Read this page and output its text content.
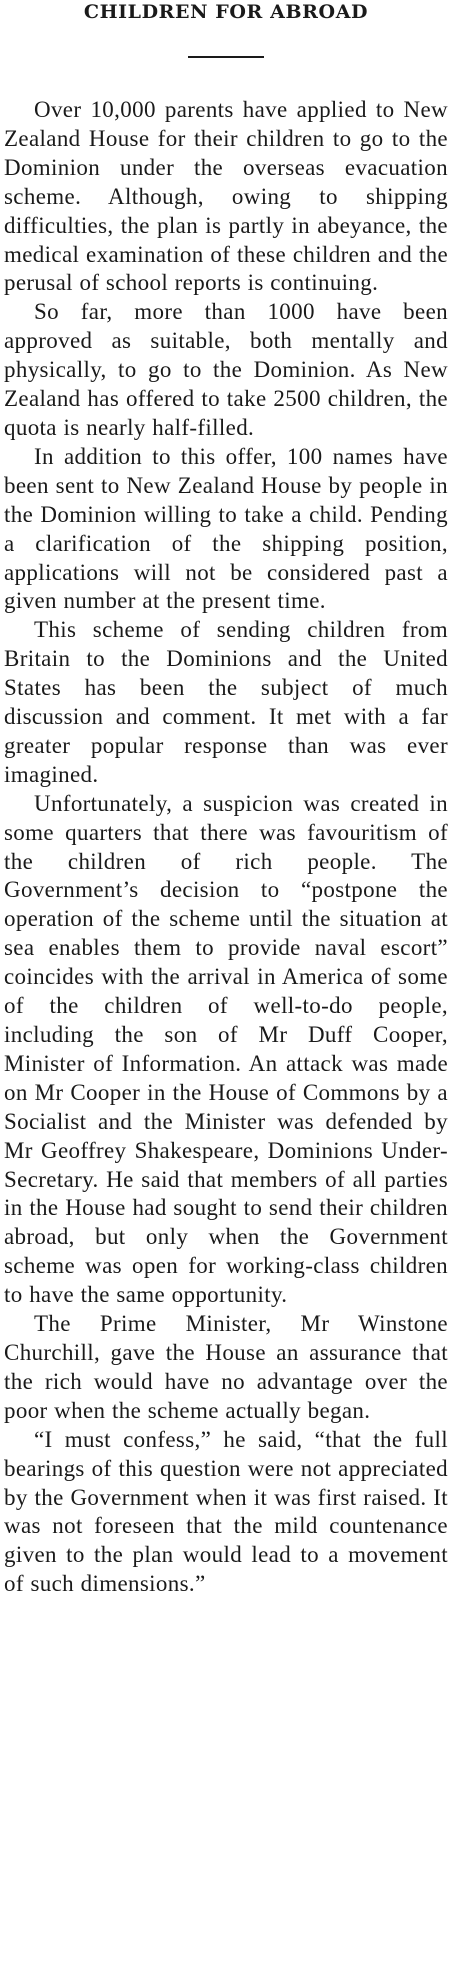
CHILDREN FOR ABROAD

Over 10,000 parents have applied to New Zealand House for their children to go to the Dominion under the overseas evacuation scheme. Although, owing to shipping difficulties, the plan is partly in abeyance, the medical examination of these children and the perusal of school reports is continuing.

So far, more than 1000 have been approved as suitable, both mentally and physically, to go to the Dominion. As New Zealand has offered to take 2500 children, the quota is nearly half-filled.

In addition to this offer, 100 names have been sent to New Zealand House by people in the Dominion willing to take a child. Pending a clarification of the shipping position, applications will not be considered past a given number at the present time.

This scheme of sending children from Britain to the Dominions and the United States has been the subject of much discussion and comment. It met with a far greater popular response than was ever imagined.

Unfortunately, a suspicion was created in some quarters that there was favouritism of the children of rich people. The Government’s decision to “postpone the operation of the scheme until the situation at sea enables them to provide naval escort” coincides with the arrival in America of some of the children of well-to-do people, including the son of Mr Duff Cooper, Minister of Information. An attack was made on Mr Cooper in the House of Commons by a Socialist and the Minister was defended by Mr Geoffrey Shakespeare, Dominions Under-Secretary. He said that members of all parties in the House had sought to send their children abroad, but only when the Government scheme was open for working-class children to have the same opportunity.

The Prime Minister, Mr Winstone Churchill, gave the House an assurance that the rich would have no advantage over the poor when the scheme actually began.

“I must confess,” he said, “that the full bearings of this question were not appreciated by the Government when it was first raised. It was not foreseen that the mild countenance given to the plan would lead to a movement of such dimensions.”
